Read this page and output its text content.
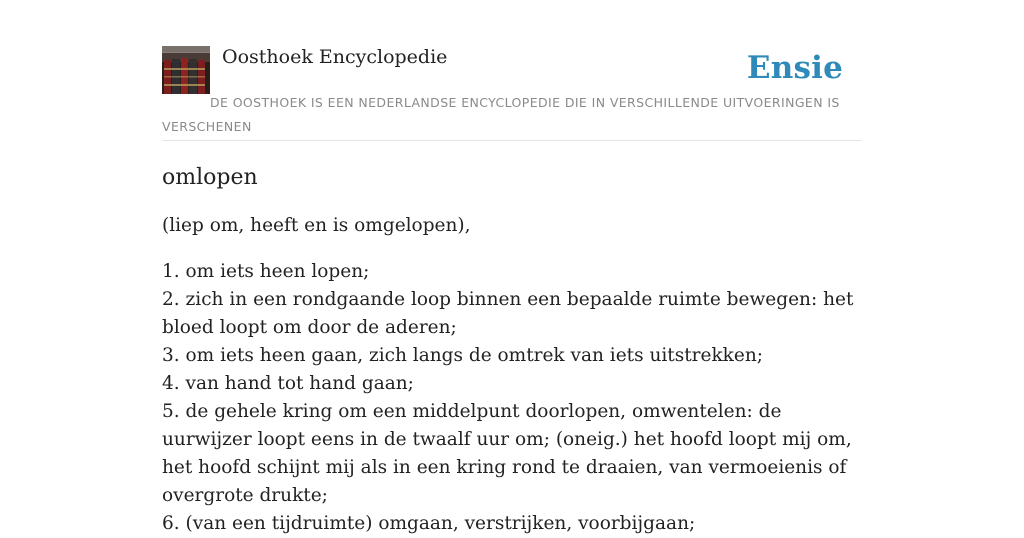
Oosthoek Encyclopedie	Ensie
DE OOSTHOEK IS EEN NEDERLANDSE ENCYCLOPEDIE DIE IN VERSCHILLENDE UITVOERINGEN IS VERSCHENEN
omlopen

(liep om, heeft en is omgelopen),

1. om iets heen lopen;
2. zich in een rondgaande loop binnen een bepaalde ruimte bewegen: het bloed loopt om door de aderen;
3. om iets heen gaan, zich langs de omtrek van iets uitstrekken;
4. van hand tot hand gaan;
5. de gehele kring om een middelpunt doorlopen, omwentelen: de uurwijzer loopt eens in de twaalf uur om; (oneig.) het hoofd loopt mij om, het hoofd schijnt mij als in een kring rond te draaien, van vermoeienis of overgrote drukte;
6. (van een tijdruimte) omgaan, verstrijken, voorbijgaan;
